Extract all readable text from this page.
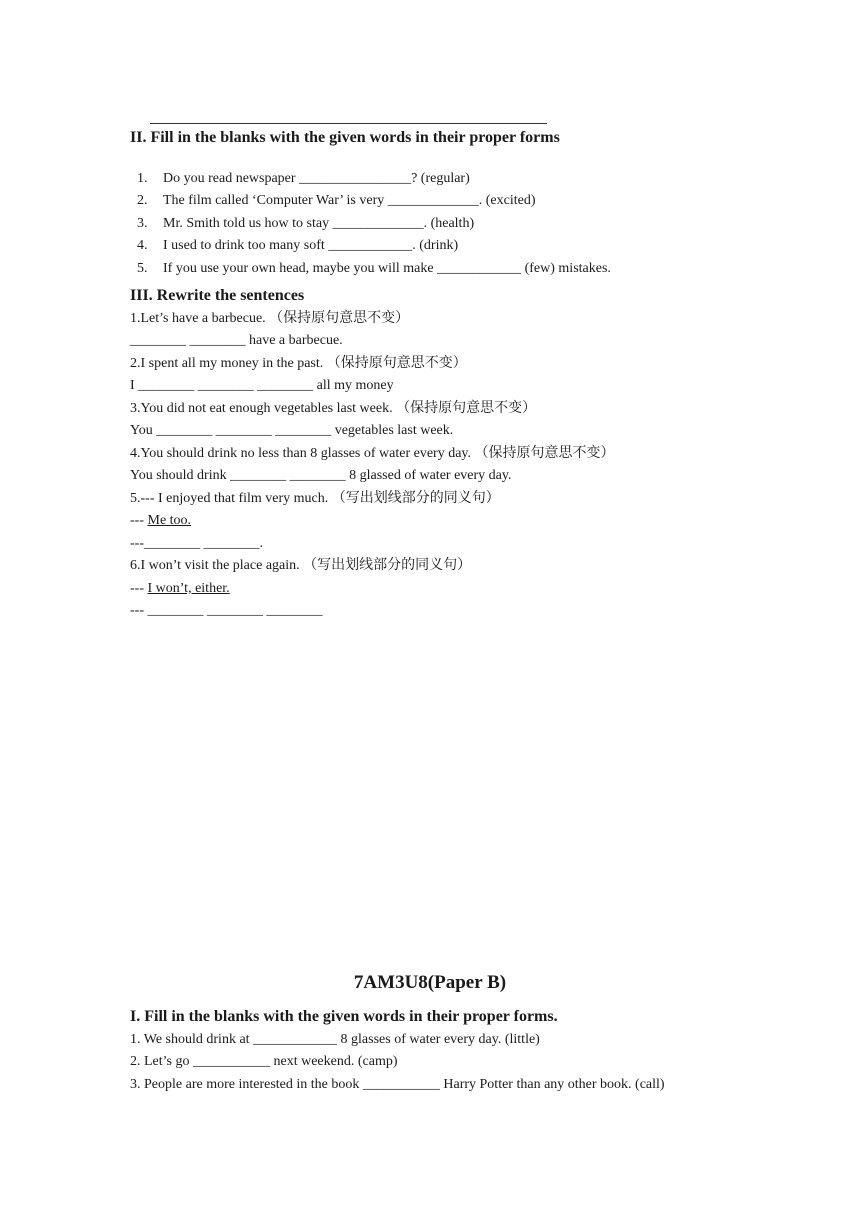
II. Fill in the blanks with the given words in their proper forms

1. Do you read newspaper ________________? (regular)

2. The film called ‘Computer War’ is very _____________. (excited)

3. Mr. Smith told us how to stay _____________. (health)

4. I used to drink too many soft ____________. (drink)

5. If you use your own head, maybe you will make ____________ (few) mistakes.

III. Rewrite the sentences
1.Let’s have a barbecue. （保持原句意思不变）
________ ________ have a barbecue.
2.I spent all my money in the past. （保持原句意思不变）
I ________ ________ ________ all my money
3.You did not eat enough vegetables last week. （保持原句意思不变）
You ________ ________ ________ vegetables last week.
4.You should drink no less than 8 glasses of water every day. （保持原句意思不变）
You should drink ________ ________ 8 glassed of water every day.
5.--- I enjoyed that film very much. （写出划线部分的同义句）
--- Me too.
---________ ________.
6.I won’t visit the place again. （写出划线部分的同义句）
--- I won’t, either.
--- ________ ________ ________
7AM3U8(Paper B)
I. Fill in the blanks with the given words in their proper forms.
1. We should drink at ____________ 8 glasses of water every day. (little)
2. Let’s go ___________ next weekend. (camp)
3. People are more interested in the book ___________ Harry Potter than any other book. (call)
